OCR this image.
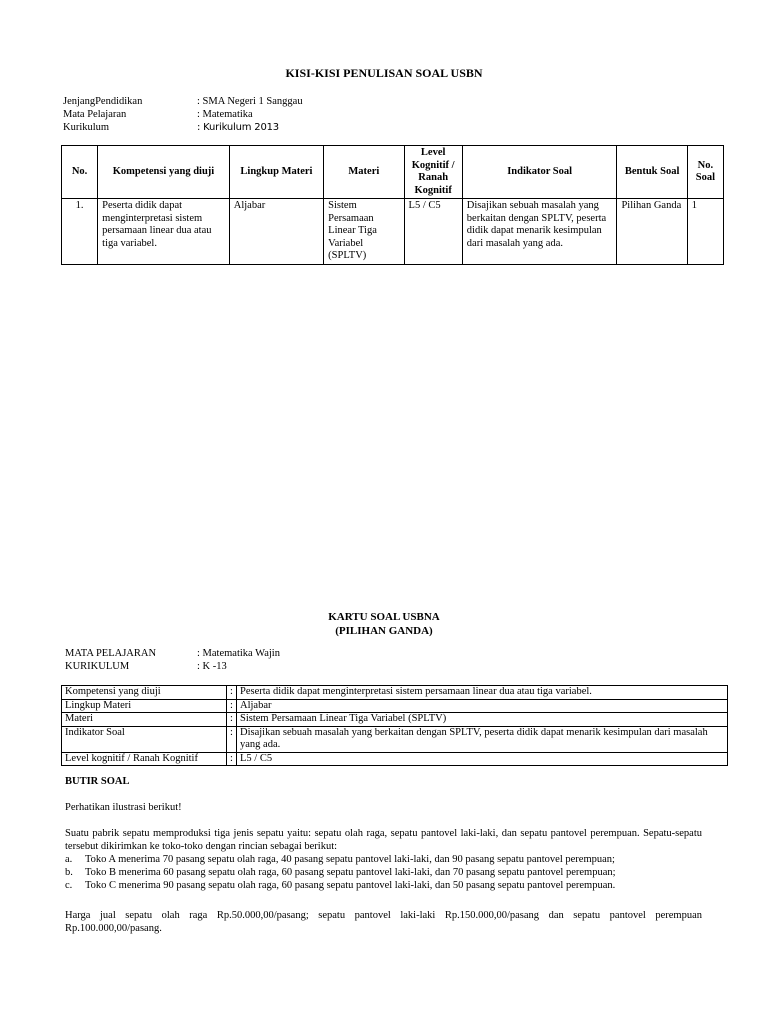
KISI-KISI PENULISAN SOAL USBN
JenjangPendidikan	: SMA Negeri 1 Sanggau
Mata Pelajaran	: Matematika
Kurikulum	: Kurikulum 2013
No.	Kompetensi yang diuji	Lingkup Materi	Materi	Level Kognitif / Ranah Kognitif	Indikator Soal	Bentuk Soal	No. Soal
1.	Peserta didik dapat menginterpretasi sistem persamaan linear dua atau tiga variabel.	Aljabar	Sistem Persamaan Linear Tiga Variabel (SPLTV)	L5 / C5	Disajikan sebuah masalah yang berkaitan dengan SPLTV, peserta didik dapat menarik kesimpulan dari masalah yang ada.	Pilihan Ganda	1
KARTU SOAL USBNA
(PILIHAN GANDA)
MATA PELAJARAN	: Matematika Wajin
KURIKULUM	: K -13
Kompetensi yang diuji	:	Peserta didik dapat menginterpretasi sistem persamaan linear dua atau tiga variabel.
Lingkup Materi	:	Aljabar
Materi	:	Sistem Persamaan Linear Tiga Variabel (SPLTV)
Indikator Soal	:	Disajikan sebuah masalah yang berkaitan dengan SPLTV, peserta didik dapat menarik kesimpulan dari masalah yang ada.
Level kognitif / Ranah Kognitif	:	L5 / C5
BUTIR SOAL
Perhatikan ilustrasi berikut!
Suatu pabrik sepatu memproduksi tiga jenis sepatu yaitu: sepatu olah raga, sepatu pantovel laki-laki, dan sepatu pantovel perempuan. Sepatu-sepatu tersebut dikirimkan ke toko-toko dengan rincian sebagai berikut:
a.	Toko A menerima 70 pasang sepatu olah raga, 40 pasang sepatu pantovel laki-laki, dan 90 pasang sepatu pantovel perempuan;
b.	Toko B menerima 60 pasang sepatu olah raga, 60 pasang sepatu pantovel laki-laki, dan 70 pasang sepatu pantovel perempuan;
c.	Toko C menerima 90 pasang sepatu olah raga, 60 pasang sepatu pantovel laki-laki, dan 50 pasang sepatu pantovel perempuan.
Harga jual sepatu olah raga Rp.50.000,00/pasang; sepatu pantovel laki-laki Rp.150.000,00/pasang dan sepatu pantovel perempuan Rp.100.000,00/pasang.
